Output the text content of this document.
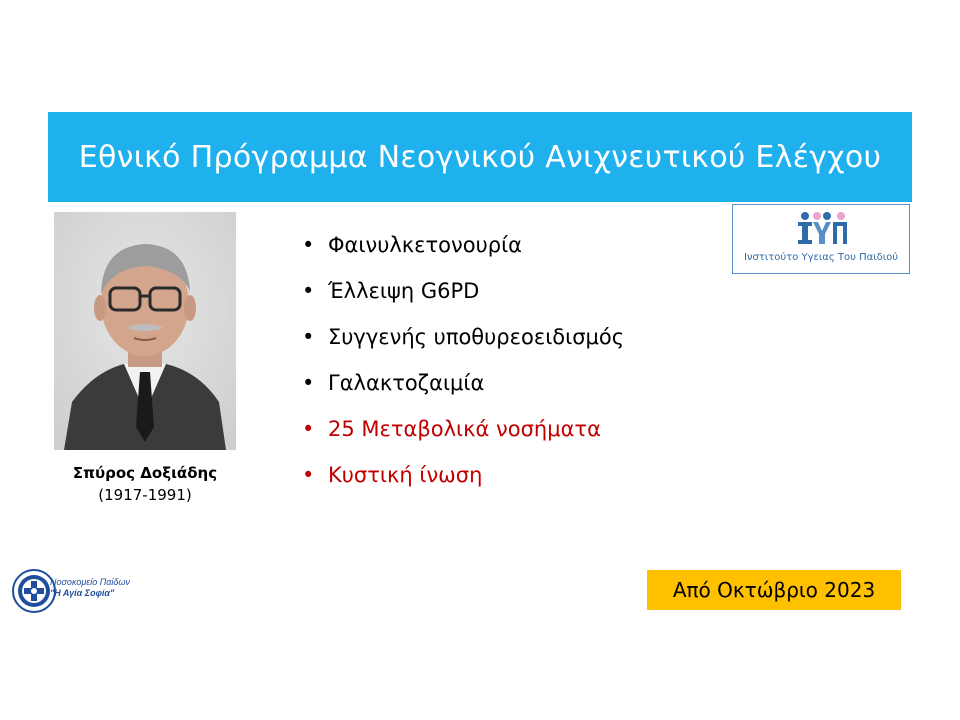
Εθνικό Πρόγραμμα Νεογνικού Ανιχνευτικού Ελέγχου
Σπύρος Δοξιάδης
(1917-1991)
• Φαινυλκετονουρία
• Έλλειψη G6PD
• Συγγενής υποθυρεοειδισμός
• Γαλακτοζαιμία
• 25 Μεταβολικά νοσήματα
• Κυστική ίνωση
Ινστιτούτο Υγειας Του Παιδιού
Νοσοκομείο Παίδων
"Η Αγία Σοφία"	Από Οκτώβριο 2023
